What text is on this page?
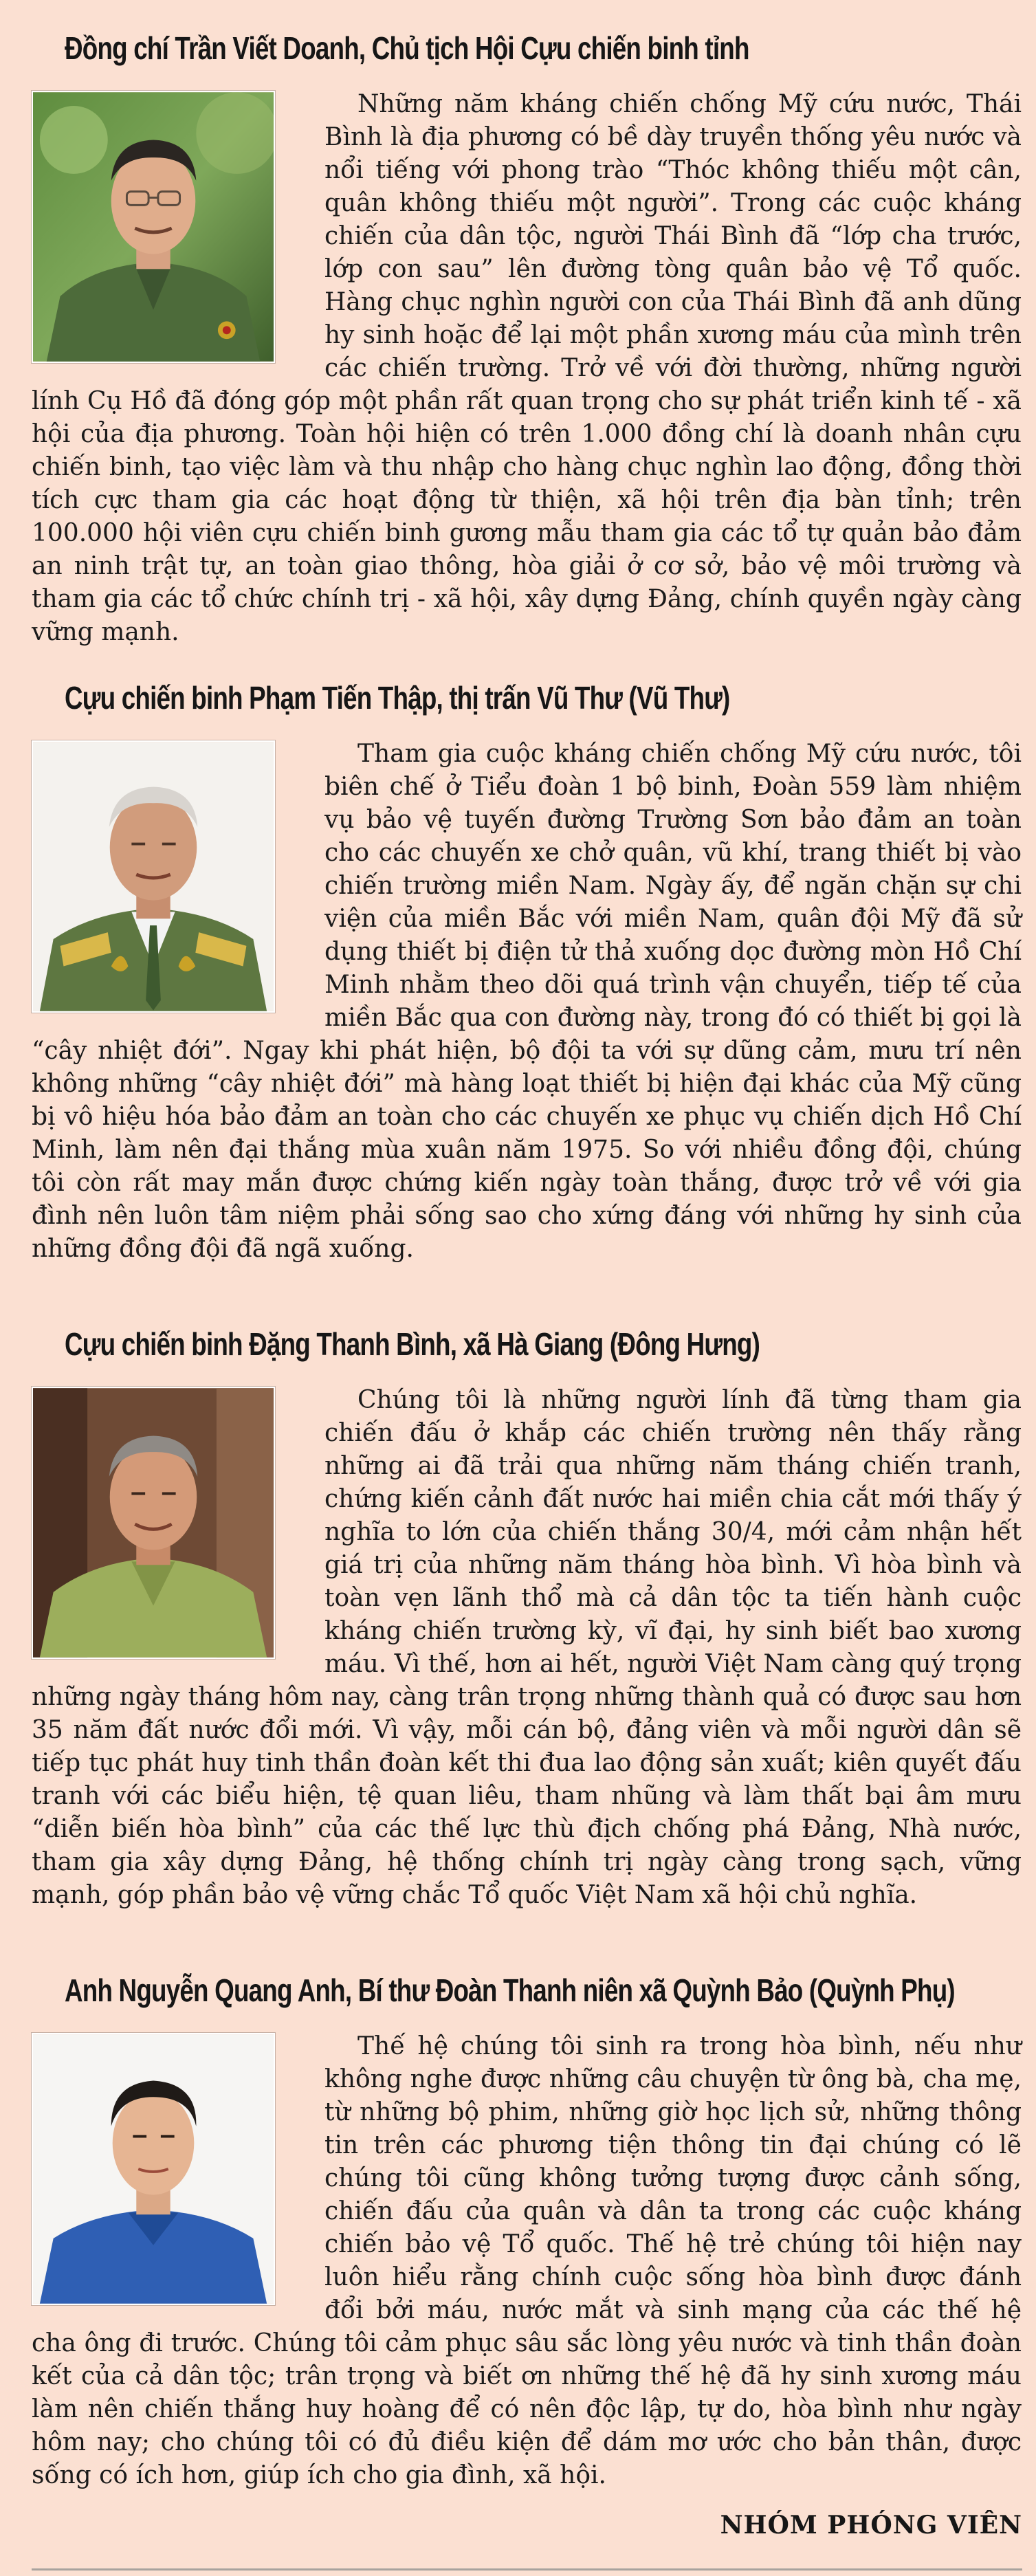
Đồng chí Trần Viết Doanh, Chủ tịch Hội Cựu chiến binh tỉnh

Những năm kháng chiến chống Mỹ cứu nước, Thái Bình là địa phương có bề dày truyền thống yêu nước và nổi tiếng với phong trào “Thóc không thiếu một cân, quân không thiếu một người”. Trong các cuộc kháng chiến của dân tộc, người Thái Bình đã “lớp cha trước, lớp con sau” lên đường tòng quân bảo vệ Tổ quốc. Hàng chục nghìn người con của Thái Bình đã anh dũng hy sinh hoặc để lại một phần xương máu của mình trên các chiến trường. Trở về với đời thường, những người lính Cụ Hồ đã đóng góp một phần rất quan trọng cho sự phát triển kinh tế - xã hội của địa phương. Toàn hội hiện có trên 1.000 đồng chí là doanh nhân cựu chiến binh, tạo việc làm và thu nhập cho hàng chục nghìn lao động, đồng thời tích cực tham gia các hoạt động từ thiện, xã hội trên địa bàn tỉnh; trên 100.000 hội viên cựu chiến binh gương mẫu tham gia các tổ tự quản bảo đảm an ninh trật tự, an toàn giao thông, hòa giải ở cơ sở, bảo vệ môi trường và tham gia các tổ chức chính trị - xã hội, xây dựng Đảng, chính quyền ngày càng vững mạnh.

Cựu chiến binh Phạm Tiến Thập, thị trấn Vũ Thư (Vũ Thư)

Tham gia cuộc kháng chiến chống Mỹ cứu nước, tôi biên chế ở Tiểu đoàn 1 bộ binh, Đoàn 559 làm nhiệm vụ bảo vệ tuyến đường Trường Sơn bảo đảm an toàn cho các chuyến xe chở quân, vũ khí, trang thiết bị vào chiến trường miền Nam. Ngày ấy, để ngăn chặn sự chi viện của miền Bắc với miền Nam, quân đội Mỹ đã sử dụng thiết bị điện tử thả xuống dọc đường mòn Hồ Chí Minh nhằm theo dõi quá trình vận chuyển, tiếp tế của miền Bắc qua con đường này, trong đó có thiết bị gọi là “cây nhiệt đới”. Ngay khi phát hiện, bộ đội ta với sự dũng cảm, mưu trí nên không những “cây nhiệt đới” mà hàng loạt thiết bị hiện đại khác của Mỹ cũng bị vô hiệu hóa bảo đảm an toàn cho các chuyến xe phục vụ chiến dịch Hồ Chí Minh, làm nên đại thắng mùa xuân năm 1975. So với nhiều đồng đội, chúng tôi còn rất may mắn được chứng kiến ngày toàn thắng, được trở về với gia đình nên luôn tâm niệm phải sống sao cho xứng đáng với những hy sinh của những đồng đội đã ngã xuống.

Cựu chiến binh Đặng Thanh Bình, xã Hà Giang (Đông Hưng)

Chúng tôi là những người lính đã từng tham gia chiến đấu ở khắp các chiến trường nên thấy rằng những ai đã trải qua những năm tháng chiến tranh, chứng kiến cảnh đất nước hai miền chia cắt mới thấy ý nghĩa to lớn của chiến thắng 30/4, mới cảm nhận hết giá trị của những năm tháng hòa bình. Vì hòa bình và toàn vẹn lãnh thổ mà cả dân tộc ta tiến hành cuộc kháng chiến trường kỳ, vĩ đại, hy sinh biết bao xương máu. Vì thế, hơn ai hết, người Việt Nam càng quý trọng những ngày tháng hôm nay, càng trân trọng những thành quả có được sau hơn 35 năm đất nước đổi mới. Vì vậy, mỗi cán bộ, đảng viên và mỗi người dân sẽ tiếp tục phát huy tinh thần đoàn kết thi đua lao động sản xuất; kiên quyết đấu tranh với các biểu hiện, tệ quan liêu, tham nhũng và làm thất bại âm mưu “diễn biến hòa bình” của các thế lực thù địch chống phá Đảng, Nhà nước, tham gia xây dựng Đảng, hệ thống chính trị ngày càng trong sạch, vững mạnh, góp phần bảo vệ vững chắc Tổ quốc Việt Nam xã hội chủ nghĩa.

Anh Nguyễn Quang Anh, Bí thư Đoàn Thanh niên xã Quỳnh Bảo (Quỳnh Phụ)

Thế hệ chúng tôi sinh ra trong hòa bình, nếu như không nghe được những câu chuyện từ ông bà, cha mẹ, từ những bộ phim, những giờ học lịch sử, những thông tin trên các phương tiện thông tin đại chúng có lẽ chúng tôi cũng không tưởng tượng được cảnh sống, chiến đấu của quân và dân ta trong các cuộc kháng chiến bảo vệ Tổ quốc. Thế hệ trẻ chúng tôi hiện nay luôn hiểu rằng chính cuộc sống hòa bình được đánh đổi bởi máu, nước mắt và sinh mạng của các thế hệ cha ông đi trước. Chúng tôi cảm phục sâu sắc lòng yêu nước và tinh thần đoàn kết của cả dân tộc; trân trọng và biết ơn những thế hệ đã hy sinh xương máu làm nên chiến thắng huy hoàng để có nên độc lập, tự do, hòa bình như ngày hôm nay; cho chúng tôi có đủ điều kiện để dám mơ ước cho bản thân, được sống có ích hơn, giúp ích cho gia đình, xã hội.

NHÓM PHÓNG VIÊN
